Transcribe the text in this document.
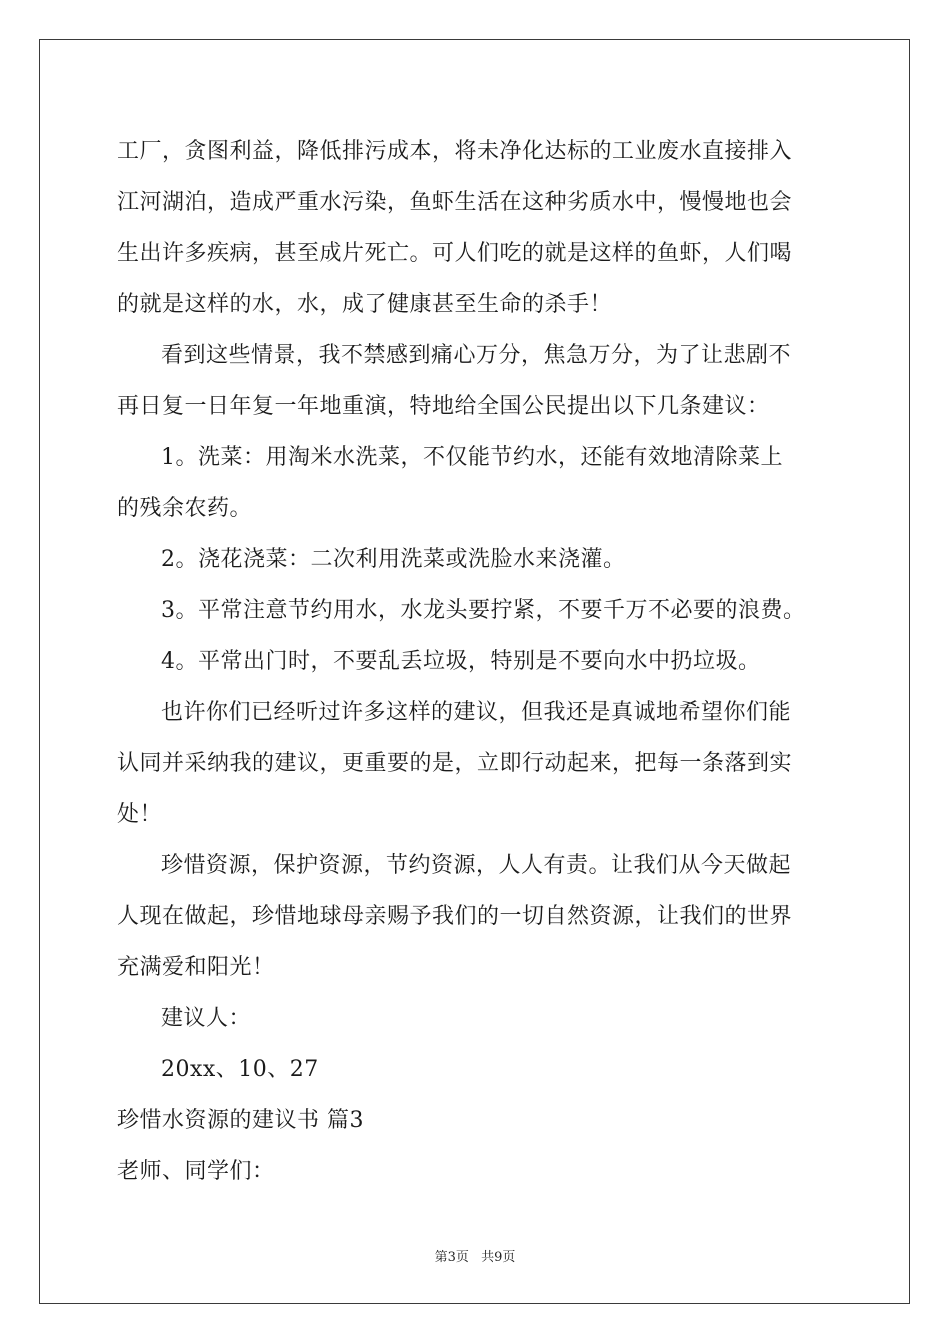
工厂，贪图利益，降低排污成本，将未净化达标的工业废水直接排入
江河湖泊，造成严重水污染，鱼虾生活在这种劣质水中，慢慢地也会
生出许多疾病，甚至成片死亡。可人们吃的就是这样的鱼虾，人们喝
的就是这样的水，水，成了健康甚至生命的杀手！
看到这些情景，我不禁感到痛心万分，焦急万分，为了让悲剧不
再日复一日年复一年地重演，特地给全国公民提出以下几条建议：
1。洗菜：用淘米水洗菜，不仅能节约水，还能有效地清除菜上
的残余农药。
2。浇花浇菜：二次利用洗菜或洗脸水来浇灌。
3。平常注意节约用水，水龙头要拧紧，不要千万不必要的浪费。
4。平常出门时，不要乱丢垃圾，特别是不要向水中扔垃圾。
也许你们已经听过许多这样的建议，但我还是真诚地希望你们能
认同并采纳我的建议，更重要的是，立即行动起来，把每一条落到实
处！
珍惜资源，保护资源，节约资源，人人有责。让我们从今天做起
人现在做起，珍惜地球母亲赐予我们的一切自然资源，让我们的世界
充满爱和阳光！
建议人：
20xx、10、27
珍惜水资源的建议书 篇3
老师、同学们：
第3页 共9页
